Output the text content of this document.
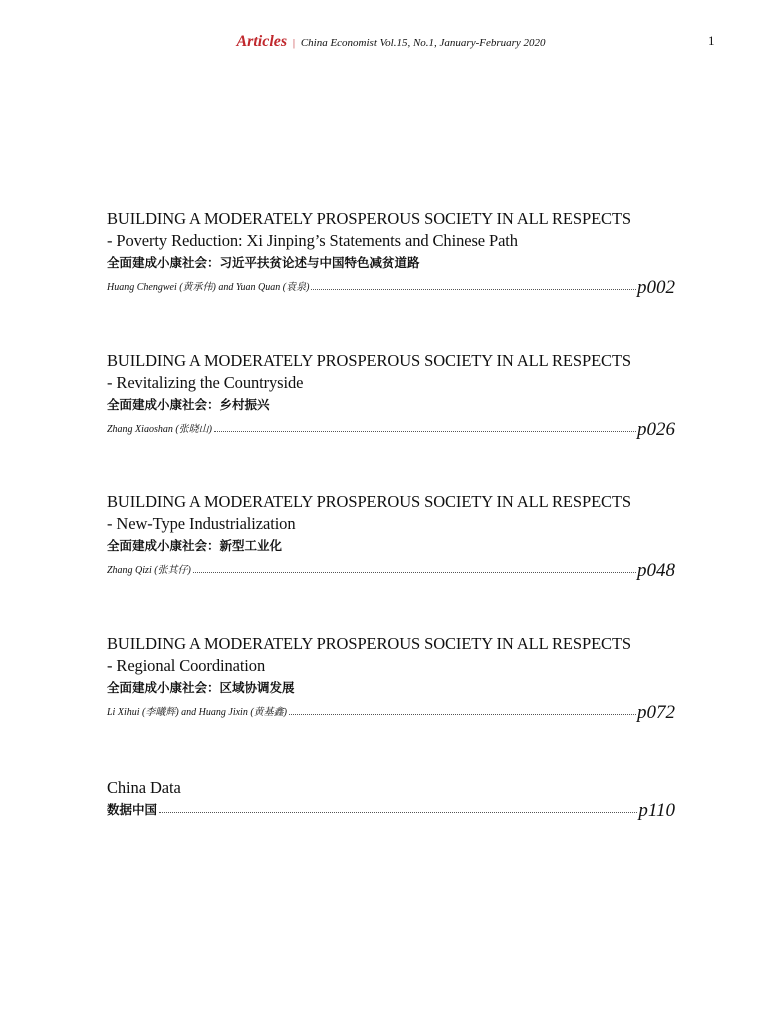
Articles | China Economist Vol.15, No.1, January-February 2020	1
BUILDING A MODERATELY PROSPEROUS SOCIETY IN ALL RESPECTS
- Poverty Reduction: Xi Jinping’s Statements and Chinese Path
全面建成小康社会：习近平扶贫论述与中国特色减贫道路
Huang Chengwei (黄承伟) and Yuan Quan (袁泉)	p002
BUILDING A MODERATELY PROSPEROUS SOCIETY IN ALL RESPECTS
- Revitalizing the Countryside
全面建成小康社会：乡村振兴
Zhang Xiaoshan (张晓山)	p026
BUILDING A MODERATELY PROSPEROUS SOCIETY IN ALL RESPECTS
- New-Type Industrialization
全面建成小康社会：新型工业化
Zhang Qizi (张其仔)	p048
BUILDING A MODERATELY PROSPEROUS SOCIETY IN ALL RESPECTS
- Regional Coordination
全面建成小康社会：区域协调发展
Li Xihui (李曦辉) and Huang Jixin (黄基鑫)	p072
China Data
数据中国	p110
